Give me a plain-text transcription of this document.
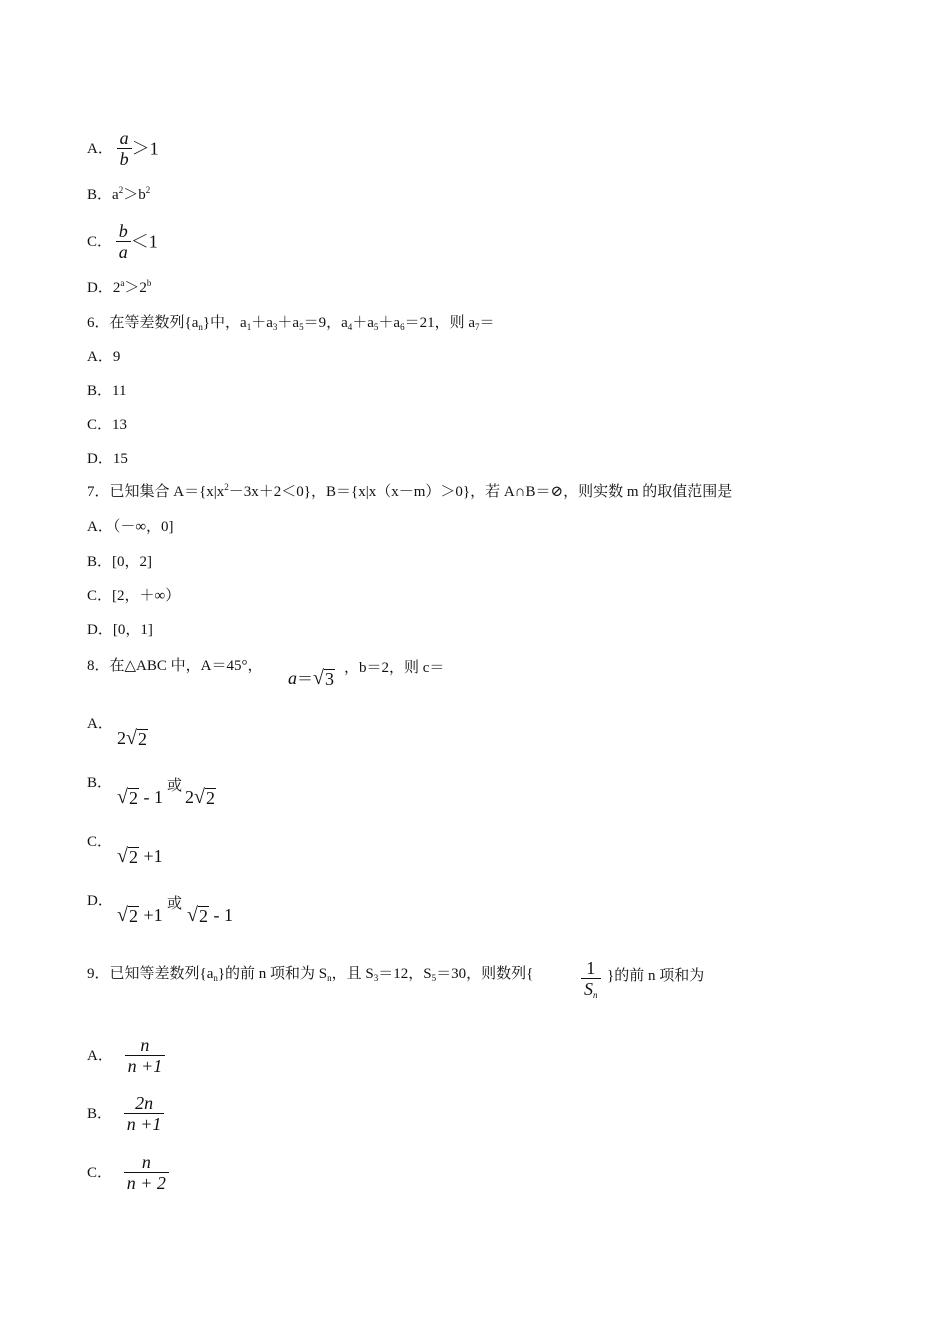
A． $\frac{a}{b} >1$
B．$a^2>b^2$
C． $\frac{b}{a} <1$
D．$2^a>2^b$
6．在等差数列$\{a_n\}$中，$a_1+a_3+a_5=9$，$a_4+a_5+a_6=21$，则 $a_7=$
A．9
B．11
C．13
D．15
7．已知集合 $A=\{x|x^2-3x+2<0\}$，B＝{x|x（x－m）＞0}，若 A∩B＝⊘，则实数 m 的取值范围是
A．（－∞，0]
B．[0，2]
C．[2，＋∞）
D．[0，1]
8．在△ABC 中，A＝45°，
a＝ √ 3
，b＝2，则 c＝
A．
2 √ 2
B．
√ 2 - 1
或
2 √ 2
C．
√ 2 +1
D．
√ 2 +1
或 √ 2 - 1
9．已知等差数列$\{a_n\}$的前 n 项和为 $S_n$，且 $S_3=12$，$S_5=30$，则数列{	$\frac{1}{S_n}$ }的前 n 项和为
A． $\frac{n}{n +1}$
B． $\frac{2n}{n +1}$
C． $\frac{n}{n + 2}$
